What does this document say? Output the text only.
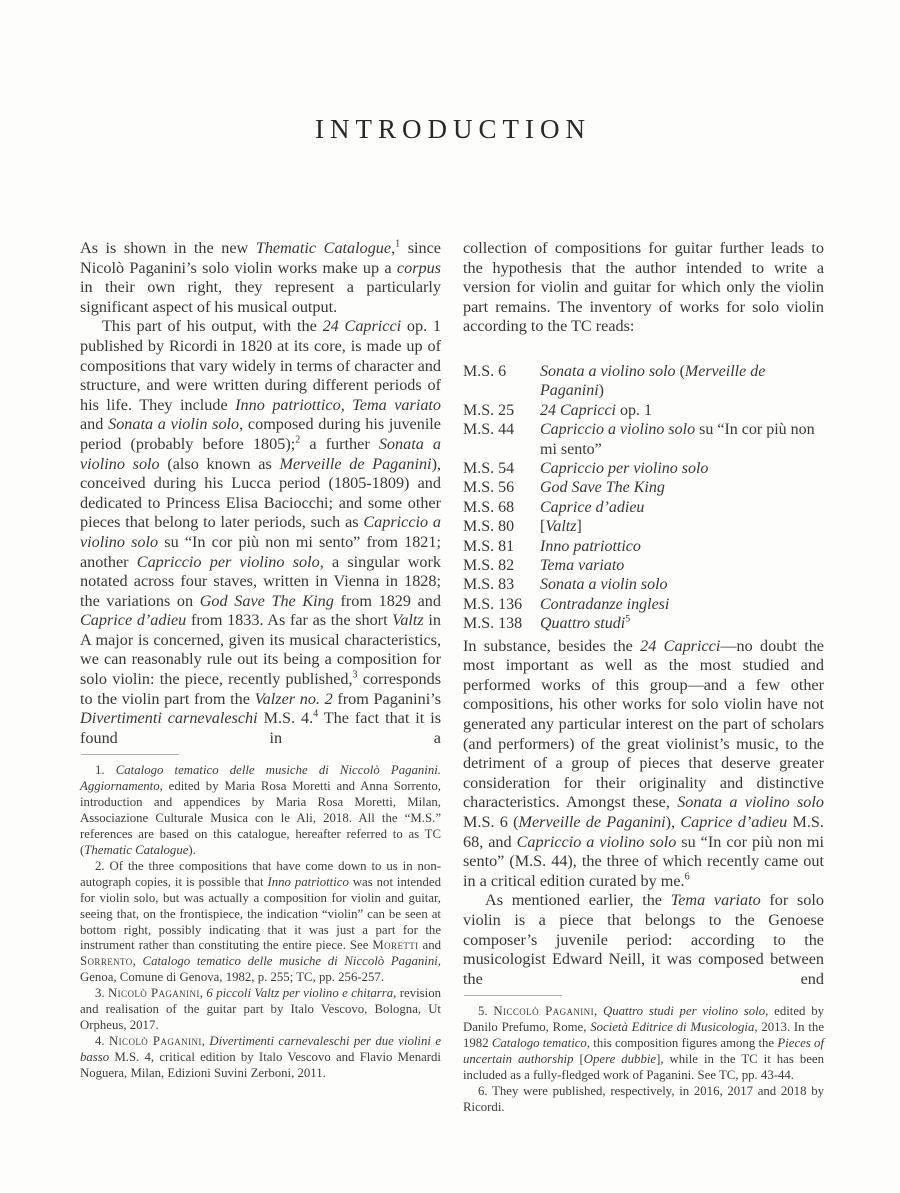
INTRODUCTION

As is shown in the new Thematic Catalogue,$^1$ since Nicolò Paganini’s solo violin works make up a corpus in their own right, they represent a particularly significant aspect of his musical output.

This part of his output, with the 24 Capricci op. 1 published by Ricordi in 1820 at its core, is made up of compositions that vary widely in terms of character and structure, and were written during different periods of his life. They include Inno patriottico, Tema variato and Sonata a violin solo, composed during his juvenile period (probably before 1805);$^2$ a further Sonata a violino solo (also known as Merveille de Paganini), conceived during his Lucca period (1805-1809) and dedicated to Princess Elisa Baciocchi; and some other pieces that belong to later periods, such as Capriccio a violino solo su “In cor più non mi sento” from 1821; another Capriccio per violino solo, a singular work notated across four staves, written in Vienna in 1828; the variations on God Save The King from 1829 and Caprice d’adieu from 1833. As far as the short Valtz in A major is concerned, given its musical characteristics, we can reasonably rule out its being a composition for solo violin: the piece, recently published,$^3$ corresponds to the violin part from the Valzer no. 2 from Paganini’s Divertimenti carnevaleschi M.S. 4.$^4$ The fact that it is found in a

1. Catalogo tematico delle musiche di Niccolò Paganini. Aggiornamento, edited by Maria Rosa Moretti and Anna Sorrento, introduction and appendices by Maria Rosa Moretti, Milan, Associazione Culturale Musica con le Ali, 2018. All the “M.S.” references are based on this catalogue, hereafter referred to as TC (Thematic Catalogue).

2. Of the three compositions that have come down to us in non-autograph copies, it is possible that Inno patriottico was not intended for violin solo, but was actually a composition for violin and guitar, seeing that, on the frontispiece, the indication “violin” can be seen at bottom right, possibly indicating that it was just a part for the instrument rather than constituting the entire piece. See Moretti and Sorrento, Catalogo tematico delle musiche di Niccolò Paganini, Genoa, Comune di Genova, 1982, p. 255; TC, pp. 256-257.

3. Nicolò Paganini, 6 piccoli Valtz per violino e chitarra, revision and realisation of the guitar part by Italo Vescovo, Bologna, Ut Orpheus, 2017.

4. Nicolò Paganini, Divertimenti carnevaleschi per due violini e basso M.S. 4, critical edition by Italo Vescovo and Flavio Menardi Noguera, Milan, Edizioni Suvini Zerboni, 2011.

collection of compositions for guitar further leads to the hypothesis that the author intended to write a version for violin and guitar for which only the violin part remains. The inventory of works for solo violin according to the TC reads:

M.S. 6	Sonata a violino solo (Merveille de Paganini)
M.S. 25	24 Capricci op. 1
M.S. 44	Capriccio a violino solo su “In cor più non mi sento”
M.S. 54	Capriccio per violino solo
M.S. 56	God Save The King
M.S. 68	Caprice d’adieu
M.S. 80	[Valtz]
M.S. 81	Inno patriottico
M.S. 82	Tema variato
M.S. 83	Sonata a violin solo
M.S. 136	Contradanze inglesi
M.S. 138	Quattro studi$^5$

In substance, besides the 24 Capricci—no doubt the most important as well as the most studied and performed works of this group—and a few other compositions, his other works for solo violin have not generated any particular interest on the part of scholars (and performers) of the great violinist’s music, to the detriment of a group of pieces that deserve greater consideration for their originality and distinctive characteristics. Amongst these, Sonata a violino solo M.S. 6 (Merveille de Paganini), Caprice d’adieu M.S. 68, and Capriccio a violino solo su “In cor più non mi sento” (M.S. 44), the three of which recently came out in a critical edition curated by me.$^6$

As mentioned earlier, the Tema variato for solo violin is a piece that belongs to the Genoese composer’s juvenile period: according to the musicologist Edward Neill, it was composed between the end

5. Niccolò Paganini, Quattro studi per violino solo, edited by Danilo Prefumo, Rome, Società Editrice di Musicologia, 2013. In the 1982 Catalogo tematico, this composition figures among the Pieces of uncertain authorship [Opere dubbie], while in the TC it has been included as a fully-fledged work of Paganini. See TC, pp. 43-44.

6. They were published, respectively, in 2016, 2017 and 2018 by Ricordi.
